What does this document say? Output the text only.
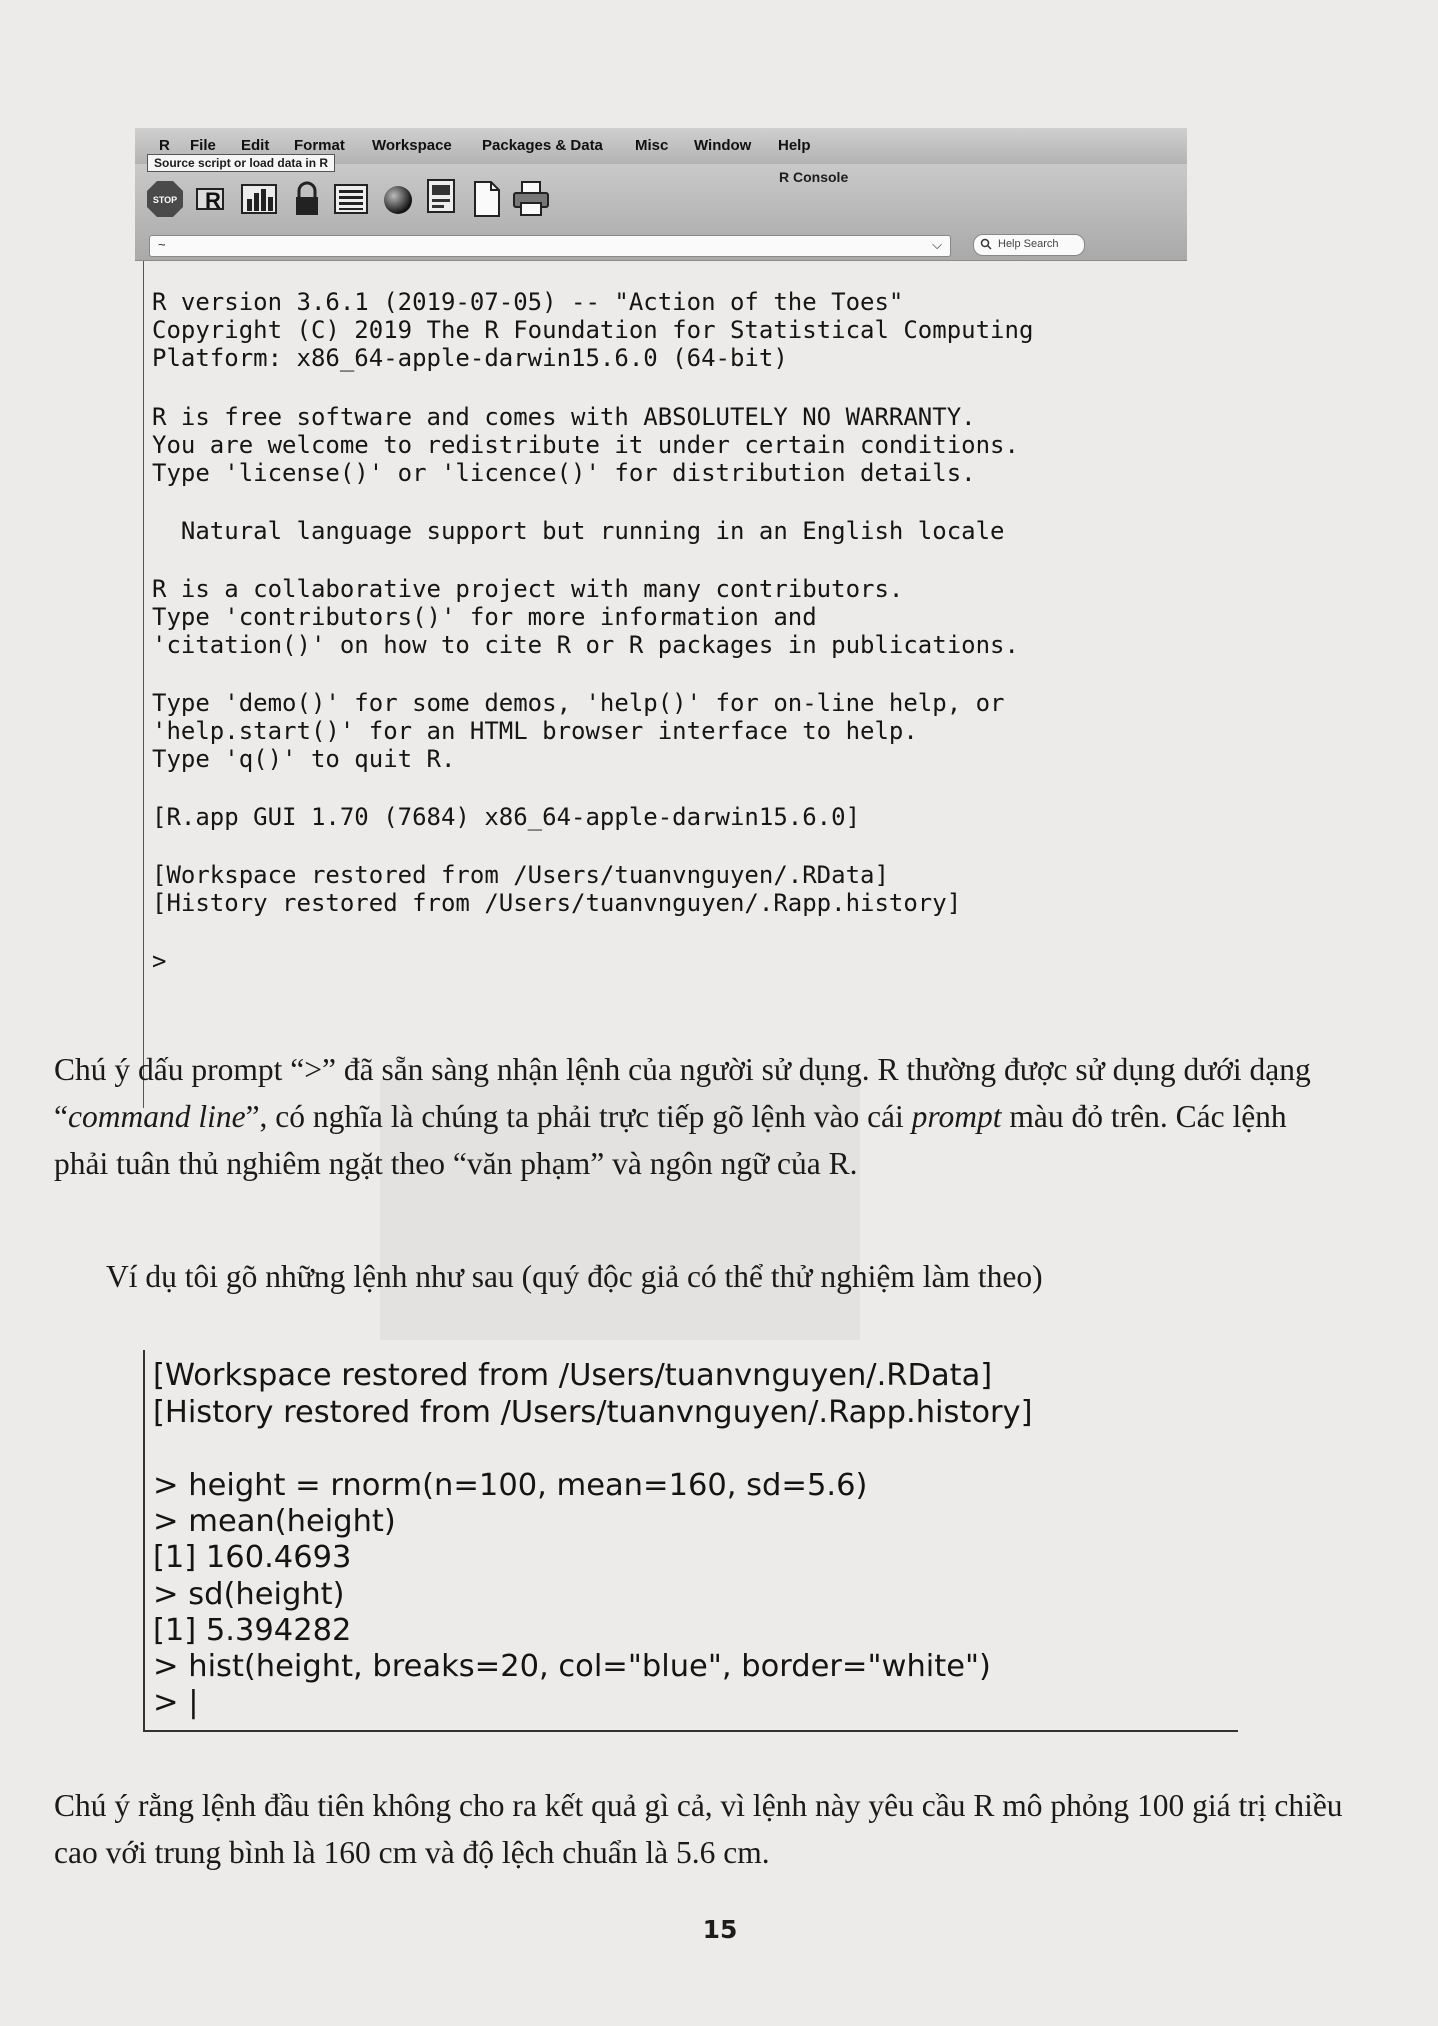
R File Edit Format Workspace Packages & Data Misc Window Help
R Console
STOP R
Source script or load data in R
~	⌵	Help Search
R version 3.6.1 (2019-07-05) -- "Action of the Toes"
Copyright (C) 2019 The R Foundation for Statistical Computing
Platform: x86_64-apple-darwin15.6.0 (64-bit)
R is free software and comes with ABSOLUTELY NO WARRANTY.
You are welcome to redistribute it under certain conditions.
Type 'license()' or 'licence()' for distribution details.
Natural language support but running in an English locale
R is a collaborative project with many contributors.
Type 'contributors()' for more information and
'citation()' on how to cite R or R packages in publications.
Type 'demo()' for some demos, 'help()' for on-line help, or
'help.start()' for an HTML browser interface to help.
Type 'q()' to quit R.
[R.app GUI 1.70 (7684) x86_64-apple-darwin15.6.0]
[Workspace restored from /Users/tuanvnguyen/.RData]
[History restored from /Users/tuanvnguyen/.Rapp.history]
>

Chú ý dấu prompt “>” đã sẵn sàng nhận lệnh của người sử dụng. R thường được sử dụng dưới dạng “command line”, có nghĩa là chúng ta phải trực tiếp gõ lệnh vào cái prompt màu đỏ trên. Các lệnh phải tuân thủ nghiêm ngặt theo “văn phạm” và ngôn ngữ của R.

Ví dụ tôi gõ những lệnh như sau (quý độc giả có thể thử nghiệm làm theo)

[Workspace restored from /Users/tuanvnguyen/.RData]
[History restored from /Users/tuanvnguyen/.Rapp.history]
> height = rnorm(n=100, mean=160, sd=5.6)
> mean(height)
[1] 160.4693
> sd(height)
[1] 5.394282
> hist(height, breaks=20, col="blue", border="white")
> |

Chú ý rằng lệnh đầu tiên không cho ra kết quả gì cả, vì lệnh này yêu cầu R mô phỏng 100 giá trị chiều cao với trung bình là 160 cm và độ lệch chuẩn là 5.6 cm.

15
